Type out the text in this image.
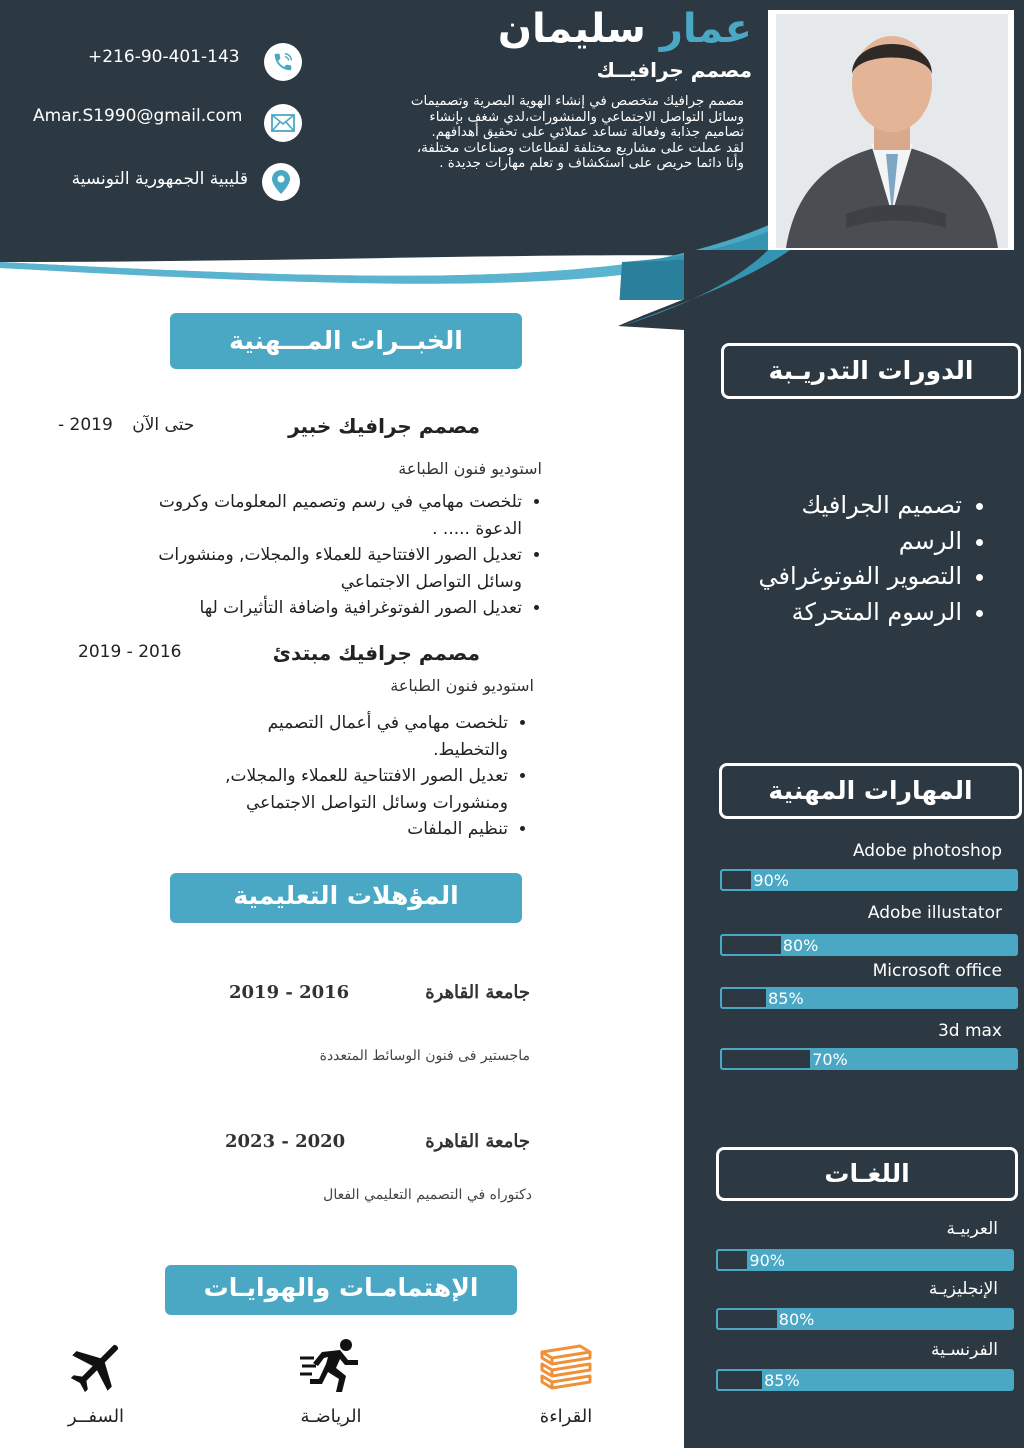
عمار سليمان
مصمم جرافيــك
مصمم جرافيك متخصص في إنشاء الهوية البصرية وتصميمات
وسائل التواصل الاجتماعي والمنشورات،لدي شغف بإنشاء
تصاميم جذابة وفعالة تساعد عملائي على تحقيق أهدافهم.
لقد عملت على مشاريع مختلفة لقطاعات وصناعات مختلفة،
وأنا دائما حريص على استكشاف و تعلم مهارات جديدة .
+216-90-401-143
Amar.S1990@gmail.com
قليبية الجمهورية التونسية
الخبــرات المـــهنية
مصمم جرافيك خبير
- 2019 حتى الآن
استوديو فنون الطباعة
• تلخصت مهامي في رسم وتصميم المعلومات وكروت الدعوة ..... .
• تعديل الصور الافتتاحية للعملاء والمجلات, ومنشورات وسائل التواصل الاجتماعي
• تعديل الصور الفوتوغرافية واضافة التأثيرات لها
مصمم جرافيك مبتدئ
2019 - 2016
استوديو فنون الطباعة
• تلخصت مهامي في أعمال التصميم والتخطيط.
• تعديل الصور الافتتاحية للعملاء والمجلات, ومنشورات وسائل التواصل الاجتماعي
• تنظيم الملفات
المؤهلات التعليمية
جامعة القاهرة
2019 - 2016
ماجستير فى فنون الوسائط المتعددة
جامعة القاهرة
2023 - 2020
دكتوراه في التصميم التعليمي الفعال
الإهتمامـات والهوايـات
القراءة
الرياضـة
السفــر
الدورات التدريـبة
• تصميم الجرافيك
• الرسم
• التصوير الفوتوغرافي
• الرسوم المتحركة
المهارات المهنية
Adobe photoshop
90%
Adobe illustator
80%
Microsoft office
85%
3d max
70%
اللغـات
العربيـة
90%
الإنجليزيـة
80%
الفرنسـية
85%
